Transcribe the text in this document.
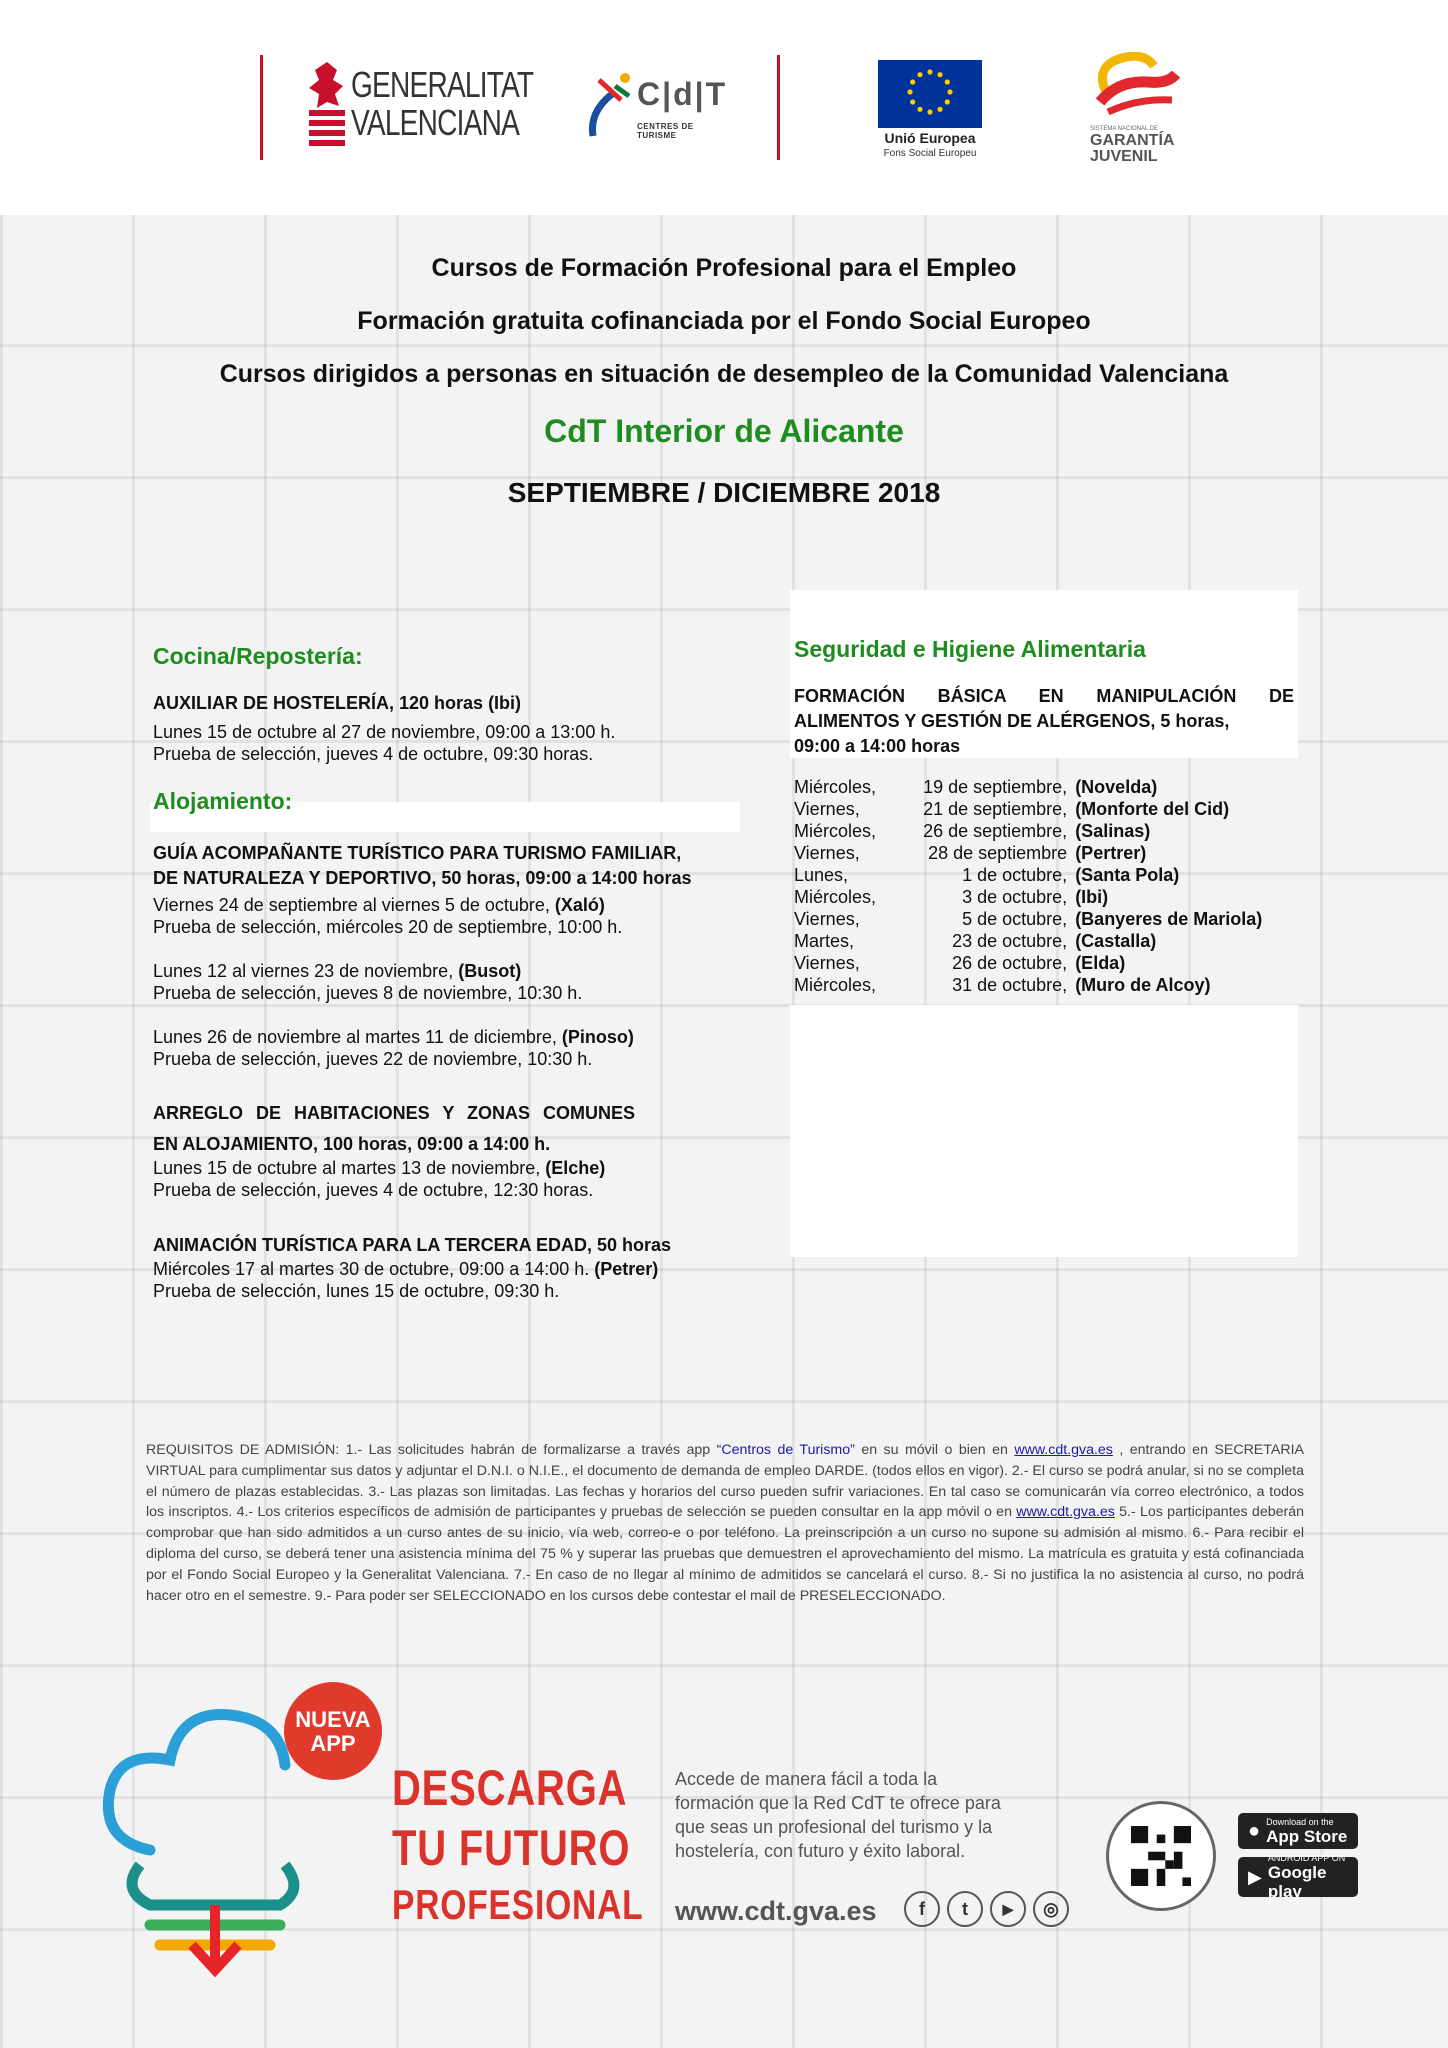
GENERALITAT
VALENCIANA
C|d|T
CENTRES DE TURISME	Unió Europea
Fons Social Europeu
SISTEMA NACIONAL DE
GARANTÍA
JUVENIL
Cursos de Formación Profesional para el Empleo
Formación gratuita cofinanciada por el Fondo Social Europeo
Cursos dirigidos a personas en situación de desempleo de la Comunidad Valenciana
CdT Interior de Alicante
SEPTIEMBRE / DICIEMBRE 2018
Cocina/Repostería:
AUXILIAR DE HOSTELERÍA, 120 horas (Ibi)
Lunes 15 de octubre al 27 de noviembre, 09:00 a 13:00 h.
Prueba de selección, jueves 4 de octubre, 09:30 horas.
Alojamiento:
GUÍA ACOMPAÑANTE TURÍSTICO PARA TURISMO FAMILIAR,
DE NATURALEZA Y DEPORTIVO, 50 horas, 09:00 a 14:00 horas
Viernes 24 de septiembre al viernes 5 de octubre, (Xaló)
Prueba de selección, miércoles 20 de septiembre, 10:00 h.
Lunes 12 al viernes 23 de noviembre, (Busot)
Prueba de selección, jueves 8 de noviembre, 10:30 h.
Lunes 26 de noviembre al martes 11 de diciembre, (Pinoso)
Prueba de selección, jueves 22 de noviembre, 10:30 h.
ARREGLO DE HABITACIONES Y ZONAS COMUNES
EN ALOJAMIENTO, 100 horas, 09:00 a 14:00 h.
Lunes 15 de octubre al martes 13 de noviembre, (Elche)
Prueba de selección, jueves 4 de octubre, 12:30 horas.
ANIMACIÓN TURÍSTICA PARA LA TERCERA EDAD, 50 horas
Miércoles 17 al martes 30 de octubre, 09:00 a 14:00 h. (Petrer)
Prueba de selección, lunes 15 de octubre, 09:30 h.
Seguridad e Higiene Alimentaria
FORMACIÓN BÁSICA EN MANIPULACIÓN DE
ALIMENTOS Y GESTIÓN DE ALÉRGENOS, 5 horas,
09:00 a 14:00 horas
Miércoles,	19 de septiembre,	(Novelda)
Viernes,	21 de septiembre,	(Monforte del Cid)
Miércoles,	26 de septiembre,	(Salinas)
Viernes,	28 de septiembre	(Pertrer)
Lunes,	1 de octubre,	(Santa Pola)
Miércoles,	3 de octubre,	(Ibi)
Viernes,	5 de octubre,	(Banyeres de Mariola)
Martes,	23 de octubre,	(Castalla)
Viernes,	26 de octubre,	(Elda)
Miércoles,	31 de octubre,	(Muro de Alcoy)
REQUISITOS DE ADMISIÓN: 1.- Las solicitudes habrán de formalizarse a través app “Centros de Turismo” en su móvil o bien en www.cdt.gva.es , entrando en SECRETARIA VIRTUAL para cumplimentar sus datos y adjuntar el D.N.I. o N.I.E., el documento de demanda de empleo DARDE. (todos ellos en vigor). 2.- El curso se podrá anular, si no se completa el número de plazas establecidas. 3.- Las plazas son limitadas. Las fechas y horarios del curso pueden sufrir variaciones. En tal caso se comunicarán vía correo electrónico, a todos los inscriptos. 4.- Los criterios específicos de admisión de participantes y pruebas de selección se pueden consultar en la app móvil o en www.cdt.gva.es 5.- Los participantes deberán comprobar que han sido admitidos a un curso antes de su inicio, vía web, correo-e o por teléfono. La preinscripción a un curso no supone su admisión al mismo. 6.- Para recibir el diploma del curso, se deberá tener una asistencia mínima del 75 % y superar las pruebas que demuestren el aprovechamiento del mismo. La matrícula es gratuita y está cofinanciada por el Fondo Social Europeo y la Generalitat Valenciana. 7.- En caso de no llegar al mínimo de admitidos se cancelará el curso. 8.- Si no justifica la no asistencia al curso, no podrá hacer otro en el semestre. 9.- Para poder ser SELECCIONADO en los cursos debe contestar el mail de PRESELECCIONADO.
NUEVA
APP
DESCARGA
TU FUTURO
PROFESIONAL
Accede de manera fácil a toda la
formación que la Red CdT te ofrece para
que seas un profesional del turismo y la
hostelería, con futuro y éxito laboral.
www.cdt.gva.es	f	t	▶	◎
● Download on the
App Store
▶
ANDROID APP ON
Google play
